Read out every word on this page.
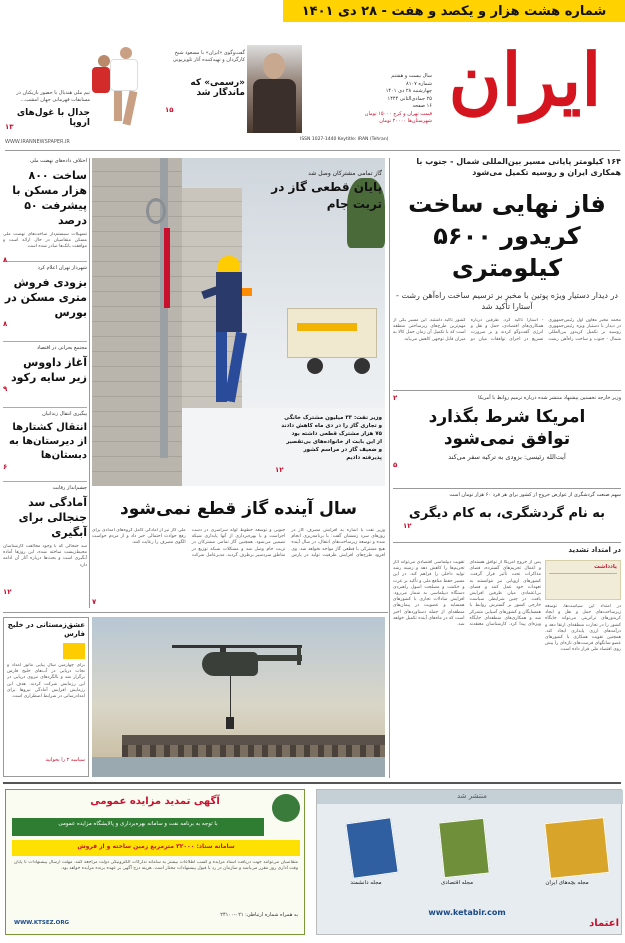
شماره هشت هزار و یکصد و هفت - ۲۸ دی ۱۴۰۱
ایران
سال بیست و هشتم
شماره ۸۱۰۷
چهارشنبه ۲۸ دی ۱۴۰۱
۲۵ جمادی‌الثانی ۱۴۴۴
۱۶ صفحه
قیمت تهران و کرج ۱۵۰۰۰ تومان
شهرستان‌ها ۲۰۰۰۰ تومان
ISSN 1027-1440 Keytitle: IRAN (Tehran)
گفت‌وگوی «ایران» با مسعود شیخ کارگردان و تهیه‌کننده آثار تلویزیونی
«رسمی» که ماندگار شد
۱۵
تیم ملی هندبال با حضور بازیکنان در مسابقات قهرمانی جهان امشب...
جدال با غول‌های اروپا
۱۳
WWW.IRANNEWSPAPER.IR
۱۶۴ کیلومتر پایانی مسیر بین‌المللی شمال - جنوب با همکاری ایران و روسیه تکمیل می‌شود
فاز نهایی ساخت
کریدور ۵۶۰۰ کیلومتری
در دیدار دستیار ویژه پوتین با مخبر بر ترسیم ساخت راه‌آهن رشت - آستارا تأکید شد
محمد مخبر معاون اول رئیس‌جمهوری در دیدار با دستیار ویژه رئیس‌جمهوری روسیه بر تکمیل کریدور بین‌المللی شمال - جنوب و ساخت راه‌آهن رشت - آستارا تأکید کرد. طرفین درباره همکاری‌های اقتصادی، حمل و نقل و انرژی گفت‌وگو کردند و بر ضرورت تسریع در اجرای توافقات میان دو کشور تأکید داشتند. این مسیر یکی از مهم‌ترین طرح‌های زیرساختی منطقه است که با تکمیل آن زمان حمل کالا به میزان قابل توجهی کاهش می‌یابد.
۲	وزیر خارجه نخستین پیشنهاد منتشر شده درباره ترمیم روابط با آمریکا
امریکا شرط بگذارد
توافق نمی‌شود
آیت‌الله رئیسی: بزودی به ترکیه سفر می‌کند
۵
سهم صنعت گردشگری از عوارض خروج از کشور برای هر فرد ۶۰ هزار تومان است
به نام گردشگری، به کام دیگری
۱۲
در امتداد تشدید
یادداشت
پس از خروج آمریکا از توافق هسته‌ای و اعمال تحریم‌های گسترده، فضای مذاکرات تحت تأثیر قرار گرفت. کشورهای اروپایی نیز نتوانستند به تعهدات خود عمل کنند و فضای بی‌اعتمادی میان طرفین افزایش یافت. در چنین شرایطی سیاست خارجی کشور بر گسترش روابط با همسایگان و کشورهای آسیایی متمرکز شد و همکاری‌های منطقه‌ای جایگاه ویژه‌ای پیدا کرد. کارشناسان معتقدند تقویت دیپلماسی اقتصادی می‌تواند آثار تحریم‌ها را کاهش دهد و زمینه رشد تولید داخلی را فراهم کند. در این مسیر حفظ منافع ملی و تأکید بر عزت و حکمت و مصلحت اصول راهبردی دستگاه دیپلماسی به شمار می‌رود. افزایش مبادلات تجاری با کشورهای همسایه و عضویت در پیمان‌های منطقه‌ای از جمله دستاوردهای اخیر است که در ماه‌های آینده تکمیل خواهد شد.
در امتداد این سیاست‌ها، توسعه زیرساخت‌های حمل و نقل و ایجاد کریدورهای ترانزیتی می‌تواند جایگاه کشور را در تجارت منطقه‌ای ارتقا دهد و درآمدهای ارزی پایداری ایجاد کند. همچنین تقویت همکاری با کشورهای عضو شانگهای فرصت‌های تازه‌ای را پیش روی اقتصاد ملی قرار داده است.
گاز تمامی مشترکان وصل شد
پایان قطعی گاز در تربت جام
وزیر نفت: ۳۳ میلیون مشترک خانگی
و تجاری گاز را در دی ماه کاهش دادند
۷۵ هزار مشترک قطعی داشته بود
از این بابت از خانواده‌های بی‌تقصیر
و ضعیف گاز در مراسم کشور
پذیرفته دادیم
۱۲
سال آینده گاز قطع نمی‌شود
وزیر نفت با اشاره به افزایش مصرف گاز در روزهای سرد زمستان گفت: با برنامه‌ریزی انجام شده و توسعه زیرساخت‌های انتقال، در سال آینده هیچ مشترکی با قطعی گاز مواجه نخواهد شد. وی افزود طرح‌های افزایش ظرفیت تولید در پارس جنوبی و توسعه خطوط لوله سراسری در دست اجراست و با بهره‌برداری از آنها پایداری شبکه تضمین می‌شود. همچنین گاز تمامی مشترکان در تربت جام وصل شد و مشکلات شبکه توزیع در مناطق سردسیر برطرف گردید. مدیرعامل شرکت ملی گاز نیز از آمادگی کامل گروه‌های امدادی برای رفع حوادث احتمالی خبر داد و از مردم خواست الگوی مصرف را رعایت کنند.
۷
اختلاف داده‌های نهضت ملی
ساخت ۸۰۰ هزار مسکن با پیشرفت ۵۰ درصد
تسهیلات سیستم‌دار ساخت‌های نهضت ملی مسکن متقاضیان در حال ارائه است و موافقت بانک‌ها صادر شده است
۸
شهردار تهران اعلام کرد
بزودی فروش متری مسکن در بورس
۸
مجتمع بحرانی در اقتصاد
آغاز داووس زیر سایه رکود
۹
پیگیری انتقال زندانیان
انتقال کشتارها از دیرستان‌ها به دبستان‌ها
۶
چشم‌انداز رقابت
آمادگی سد جنجالی برای آبگیری
سد جنجالی که با وجود مخالفت کارشناسان محیط‌زیست ساخته شده، این روزها آماده آبگیری است و بحث‌ها درباره آثار آن ادامه دارد
۱۲
عشق‌زمستانی در خلیج فارس
برای چهارمین سال پیاپی مانور امداد و نجات دریایی در آب‌های خلیج فارس برگزار شد و بالگردهای نیروی دریایی در این رزمایش شرکت کردند. هدف این رزمایش افزایش آمادگی نیروها برای امدادرسانی در شرایط اضطراری است.
سیاسه ۲ را بخوانید
آگهی تمدید مزایده عمومی
با توجه به برنامه نفت و سامانه بهره‌برداری و پالایشگاه مزایده عمومی
سامانه ستاد: ۳۲۰۰۰ مترمربع زمین ساخته و از فروش
متقاضیان می‌توانند جهت دریافت اسناد مزایده و کسب اطلاعات بیشتر به سامانه تدارکات الکترونیکی دولت مراجعه کنند. مهلت ارسال پیشنهادات تا پایان وقت اداری روز مقرر می‌باشد و سازمان در رد یا قبول پیشنهادات مختار است. هزینه درج آگهی بر عهده برنده مزایده خواهد بود.
به همراه شماره ارتباطی: ۰۲۱-۲۴۱۰۰
WWW.KTSEZ.ORG
منتشر شد
مجله دانشمند	مجله اقتصادی	مجله بچه‌های ایران
www.ketabir.com
اعتماد
